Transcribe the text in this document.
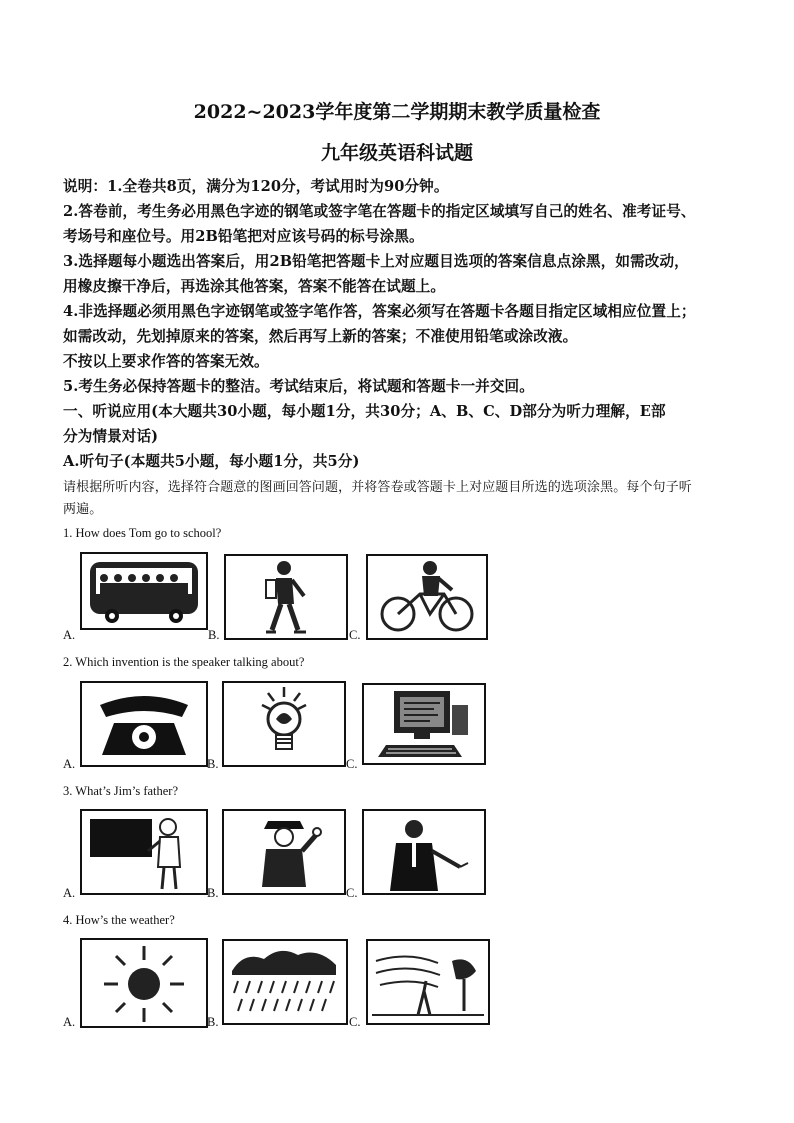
2022~2023学年度第二学期期末教学质量检查
九年级英语科试题
说明：1.全卷共8页，满分为120分，考试用时为90分钟。
2.答卷前，考生务必用黑色字迹的钢笔或签字笔在答题卡的指定区域填写自己的姓名、准考证号、
考场号和座位号。用2B铅笔把对应该号码的标号涂黑。
3.选择题每小题选出答案后，用2B铅笔把答题卡上对应题目选项的答案信息点涂黑，如需改动，
用橡皮擦干净后，再选涂其他答案，答案不能答在试题上。
4.非选择题必须用黑色字迹钢笔或签字笔作答，答案必须写在答题卡各题目指定区域相应位置上；
如需改动，先划掉原来的答案，然后再写上新的答案；不准使用铅笔或涂改液。
不按以上要求作答的答案无效。
5.考生务必保持答题卡的整洁。考试结束后，将试题和答题卡一并交回。
一、听说应用(本大题共30小题，每小题1分，共30分；A、B、C、D部分为听力理解，E部
分为情景对话)
A.听句子(本题共5小题，每小题1分，共5分)
请根据所听内容，选择符合题意的图画回答问题，并将答卷或答题卡上对应题目所选的选项涂黑。每个句子听
两遍。
1. How does Tom go to school?
A.	B.	C.
2. Which invention is the speaker talking about?
A.	B.	C.
3. What’s Jim’s father?
A.	B.	C.
4. How’s the weather?
A.	B.	C.
